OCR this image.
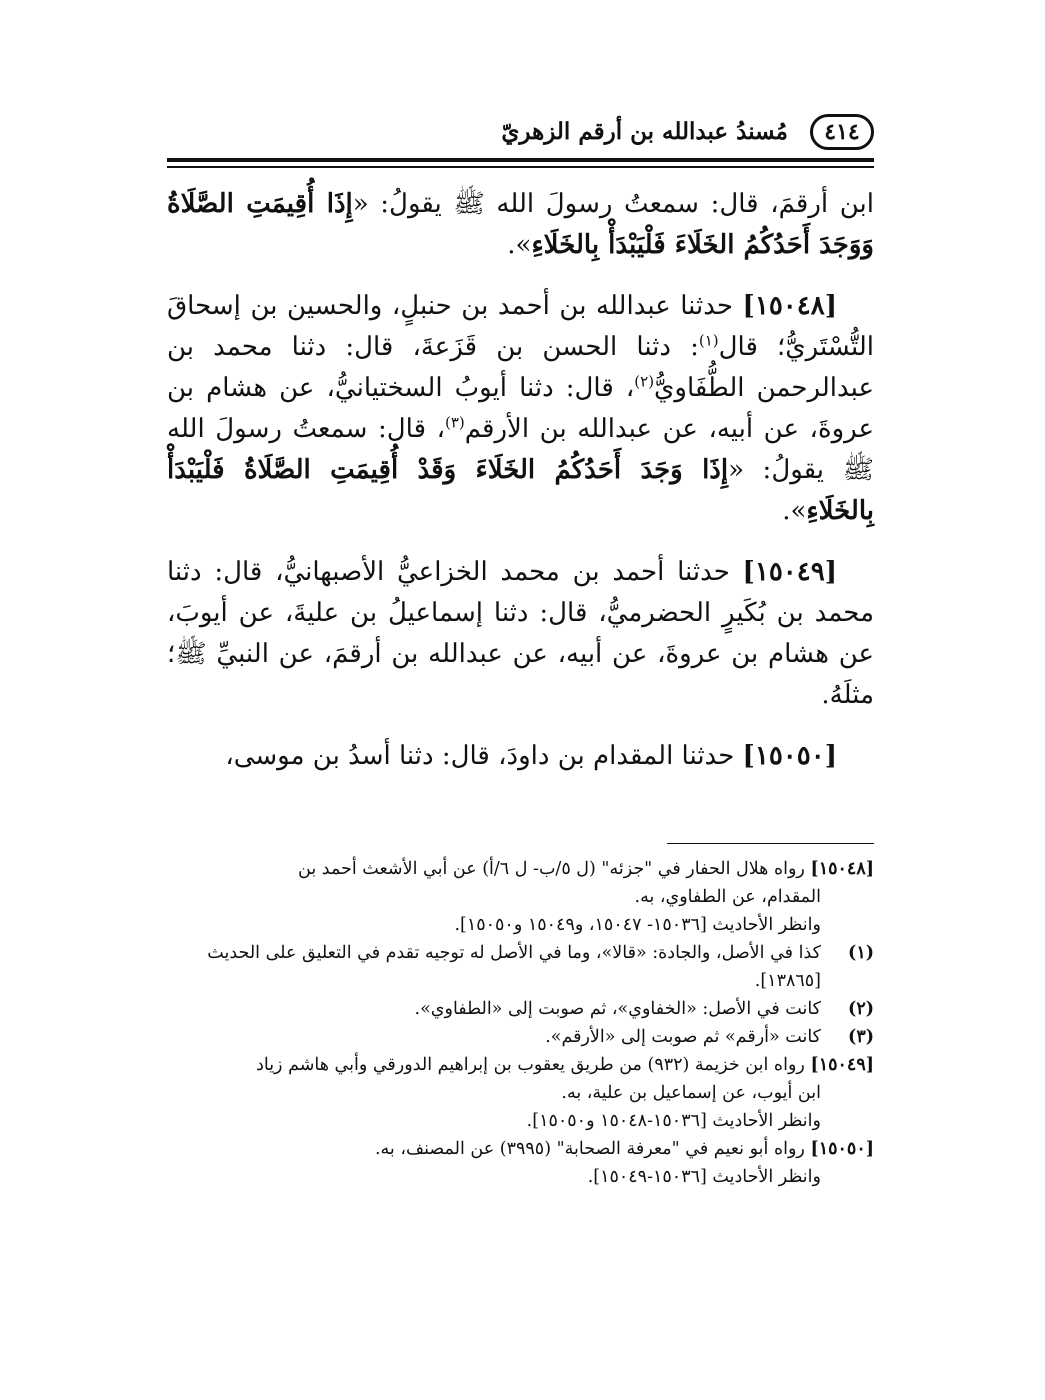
٤١٤
مُسندُ عبدالله بن أرقم الزهريّ

ابن أرقمَ، قال: سمعتُ رسولَ الله ﷺ يقولُ: «إِذَا أُقِيمَتِ الصَّلَاةُ وَوَجَدَ أَحَدُكُمُ الخَلَاءَ فَلْيَبْدَأْ بِالخَلَاءِ».

[١٥٠٤٨] حدثنا عبدالله بن أحمد بن حنبلٍ، والحسين بن إسحاقَ التُّسْتَريُّ؛ قال$^{(١)}$: دثنا الحسن بن قَزَعةَ، قال: دثنا محمد بن عبدالرحمن الطُّفَاويُّ$^{(٢)}$، قال: دثنا أيوبُ السختيانيُّ، عن هشام بن عروةَ، عن أبيه، عن عبدالله بن الأرقم$^{(٣)}$، قال: سمعتُ رسولَ الله ﷺ يقولُ: «إِذَا وَجَدَ أَحَدُكُمُ الخَلَاءَ وَقَدْ أُقِيمَتِ الصَّلَاةُ فَلْيَبْدَأْ بِالخَلَاءِ».

[١٥٠٤٩] حدثنا أحمد بن محمد الخزاعيُّ الأصبهانيُّ، قال: دثنا محمد بن بُكَيرٍ الحضرميُّ، قال: دثنا إسماعيلُ بن عليةَ، عن أيوبَ، عن هشام بن عروةَ، عن أبيه، عن عبدالله بن أرقمَ، عن النبيِّ ﷺ؛ مثلَهُ.

[١٥٠٥٠] حدثنا المقدام بن داودَ، قال: دثنا أسدُ بن موسى،

[١٥٠٤٨] رواه هلال الحفار في "جزئه" (ل ٥/ب- ل ٦/أ) عن أبي الأشعث أحمد بن
المقدام، عن الطفاوي، به.
وانظر الأحاديث [١٥٠٣٦- ١٥٠٤٧، و١٥٠٤٩ و١٥٠٥٠].
(١)كذا في الأصل، والجادة: «قالا»، وما في الأصل له توجيه تقدم في التعليق على الحديث [١٣٨٦٥].
(٢)كانت في الأصل: «الخفاوي»، ثم صوبت إلى «الطفاوي».
(٣)كانت «أرقم» ثم صوبت إلى «الأرقم».
[١٥٠٤٩] رواه ابن خزيمة (٩٣٢) من طريق يعقوب بن إبراهيم الدورقي وأبي هاشم زياد
ابن أيوب، عن إسماعيل بن علية، به.
وانظر الأحاديث [١٥٠٣٦-١٥٠٤٨ و١٥٠٥٠].
[١٥٠٥٠] رواه أبو نعيم في "معرفة الصحابة" (٣٩٩٥) عن المصنف، به.
وانظر الأحاديث [١٥٠٣٦-١٥٠٤٩].
